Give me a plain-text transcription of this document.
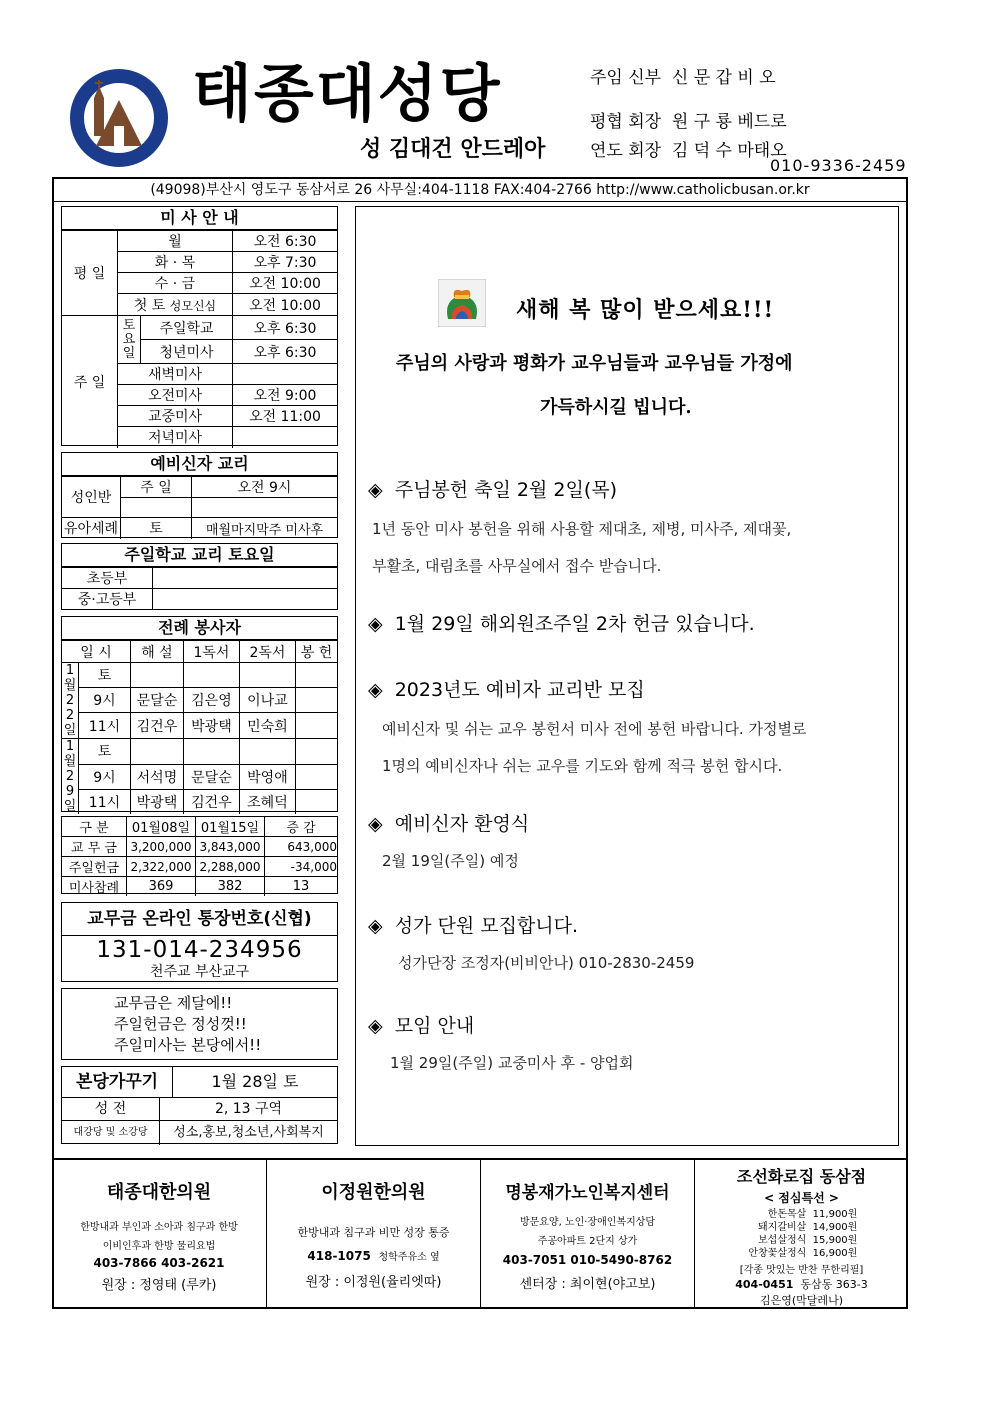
태종대성당
성 김대건 안드레아
주임 신부 신 문 갑 비 오
평협 회장 원 구 룡 베드로
연도 회장 김 덕 수 마태오
010-9336-2459
(49098)부산시 영도구 동삼서로 26 사무실:404-1118 FAX:404-2766 http://www.catholicbusan.or.kr
미 사 안 내
평 일	월		오전 6:30
	화 · 목		오후 7:30
	수 · 금		오전 10:00
	첫 토 성모신심		오전 10:00
주 일	토요일	주일학교	오후 6:30
		청년미사	오후 6:30
	새벽미사		
	오전미사		오전 9:00
	교중미사		오전 11:00
	저녁미사		
예비신자 교리
성인반	주 일	오전 9시

유아세례	토	매월마지막주 미사후
주일학교 교리 토요일
초등부	
중·고등부	
전례 봉사자
일 시		해 설	1독서	2독서	봉 헌
1월22일	토				
	9시	문달순	김은영	이나교	
	11시	김건우	박광택	민숙희	
1월29일	토				
	9시	서석명	문달순	박영애	
	11시	박광택	김건우	조혜덕	
구 분	01월08일	01월15일	증 감
교 무 금	3,200,000	3,843,000	643,000
주일헌금	2,322,000	2,288,000	-34,000
미사참례	369	382	13
교무금 온라인 통장번호(신협)
131-014-234956
천주교 부산교구
교무금은 제달에!!
주일헌금은 정성껏!!
주일미사는 본당에서!!
본당가꾸기	1월 28일 토
성 전	2, 13 구역
대강당 및 소강당	성소,홍보,청소년,사회복지
새해 복 많이 받으세요!!!
주님의 사랑과 평화가 교우님들과 교우님들 가정에
가득하시길 빕니다.
◈ 주님봉헌 축일 2월 2일(목)
1년 동안 미사 봉헌을 위해 사용할 제대초, 제병, 미사주, 제대꽃,
부활초, 대림초를 사무실에서 접수 받습니다.
◈ 1월 29일 해외원조주일 2차 헌금 있습니다.
◈ 2023년도 예비자 교리반 모집
예비신자 및 쉬는 교우 봉헌서 미사 전에 봉헌 바랍니다. 가정별로
1명의 예비신자나 쉬는 교우를 기도와 함께 적극 봉헌 합시다.
◈ 예비신자 환영식
2월 19일(주일) 예정
◈ 성가 단원 모집합니다.
성가단장 조정자(비비안나) 010-2830-2459
◈ 모임 안내
1월 29일(주일) 교중미사 후 - 양업회
태종대한의원
한방내과 부인과 소아과 침구과 한방
이비인후과 한방 물리요법
403-7866 403-2621
원장 : 정영태 (루카)
이정원한의원
한방내과 침구과 비만 성장 통증
418-1075 청학주유소 옆
원장 : 이정원(율리엣따)
명봉재가노인복지센터
방문요양, 노인·장애인복지상담
주공아파트 2단지 상가
403-7051 010-5490-8762
센터장 : 최이현(야고보)
조선화로집 동삼점
< 점심특선 >
한돈목살 11,900원
돼지갈비살 14,900원
보섭살정식 15,900원
안창꽃살정식 16,900원
[각종 맛있는 반찬 무한리필]
404-0451 동삼동 363-3
김은영(막달레나)
